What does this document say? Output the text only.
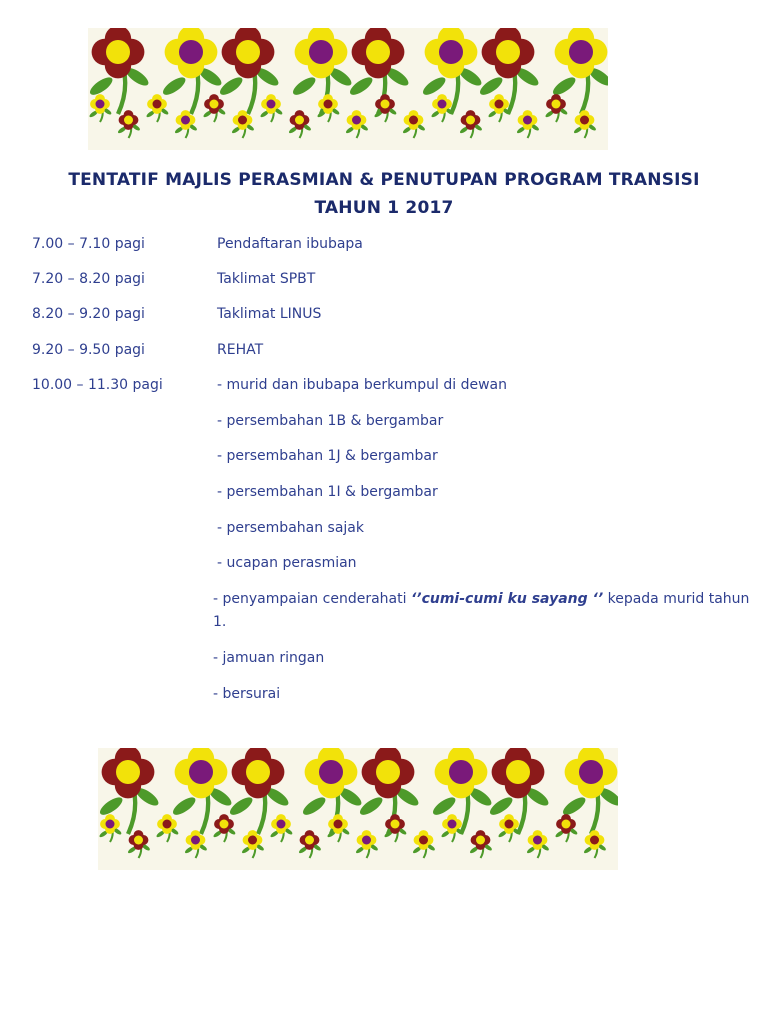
TENTATIF MAJLIS PERASMIAN & PENUTUPAN PROGRAM TRANSISI
TAHUN 1 2017
7.00 – 7.10 pagi	Pendaftaran ibubapa
7.20 – 8.20 pagi	Taklimat SPBT
8.20 – 9.20 pagi	Taklimat LINUS
9.20 – 9.50 pagi	REHAT
10.00 – 11.30 pagi	- murid dan ibubapa berkumpul di dewan
- persembahan 1B & bergambar
- persembahan 1J & bergambar
- persembahan 1I & bergambar
- persembahan sajak
- ucapan perasmian
- penyampaian cenderahati ‘’cumi-cumi ku sayang ‘’ kepada murid tahun
1.
- jamuan ringan
- bersurai
